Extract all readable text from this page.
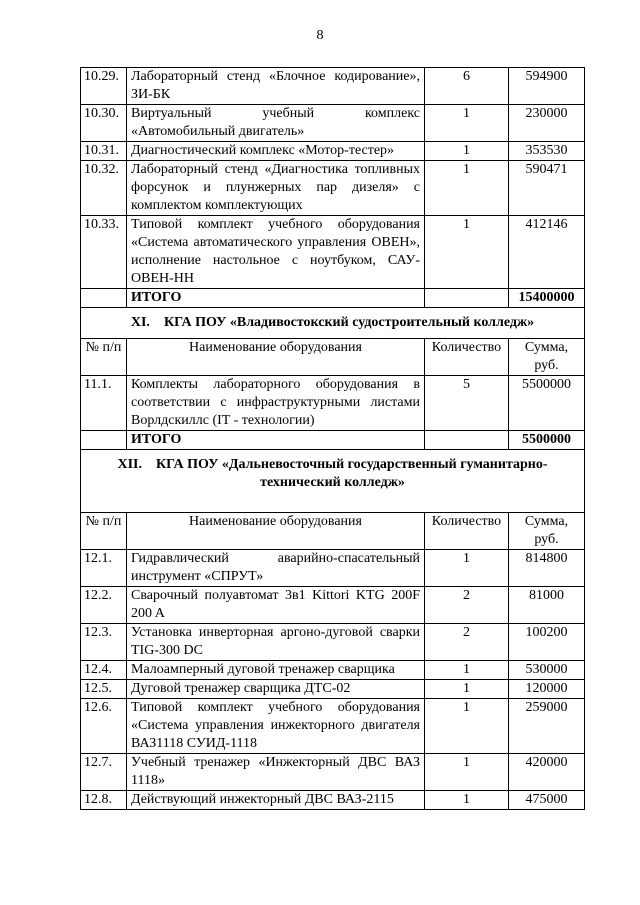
8
10.29.	Лабораторный стенд «Блочное кодирование», ЗИ-БК	6	594900
10.30.	Виртуальный учебный комплекс «Автомобильный двигатель»	1	230000
10.31.	Диагностический комплекс «Мотор-тестер»	1	353530
10.32.	Лабораторный стенд «Диагностика топливных форсунок и плунжерных пар дизеля» с комплектом комплектующих	1	590471
10.33.	Типовой комплект учебного оборудования «Система автоматического управления ОВЕН», исполнение настольное с ноутбуком, САУ-ОВЕН-НН	1	412146
	ИТОГО		15400000
XI. КГА ПОУ «Владивостокский судостроительный колледж»			
№ п/п	Наименование оборудования	Количество	Сумма, руб.
11.1.	Комплекты лабораторного оборудования в соответствии с инфраструктурными листами Ворлдскиллс (IT - технологии)	5	5500000
	ИТОГО		5500000
XII. КГА ПОУ «Дальневосточный государственный гуманитарно-технический колледж»			
№ п/п	Наименование оборудования	Количество	Сумма, руб.
12.1.	Гидравлический аварийно-спасательный инструмент «СПРУТ»	1	814800
12.2.	Сварочный полуавтомат 3в1 Kittori KTG 200F 200 A	2	81000
12.3.	Установка инверторная аргоно-дуговой сварки TIG-300 DC	2	100200
12.4.	Малоамперный дуговой тренажер сварщика	1	530000
12.5.	Дуговой тренажер сварщика ДТС-02	1	120000
12.6.	Типовой комплект учебного оборудования «Система управления инжекторного двигателя ВАЗ1118 СУИД-1118	1	259000
12.7.	Учебный тренажер «Инжекторный ДВС ВАЗ 1118»	1	420000
12.8.	Действующий инжекторный ДВС ВАЗ-2115	1	475000
